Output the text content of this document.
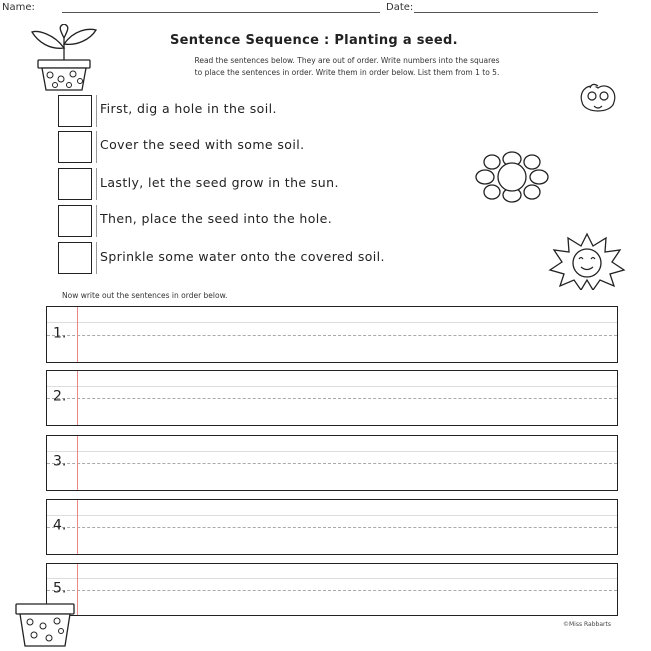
Name:	Date:
Sentence Sequence : Planting a seed.
Read the sentences below. They are out of order. Write numbers into the squares
to place the sentences in order. Write them in order below. List them from 1 to 5.
First, dig a hole in the soil.
Cover the seed with some soil.
Lastly, let the seed grow in the sun.
Then, place the seed into the hole.
Sprinkle some water onto the covered soil.
Now write out the sentences in order below.
1.
2.
3.
4.
5.
©Miss Rabbarts
